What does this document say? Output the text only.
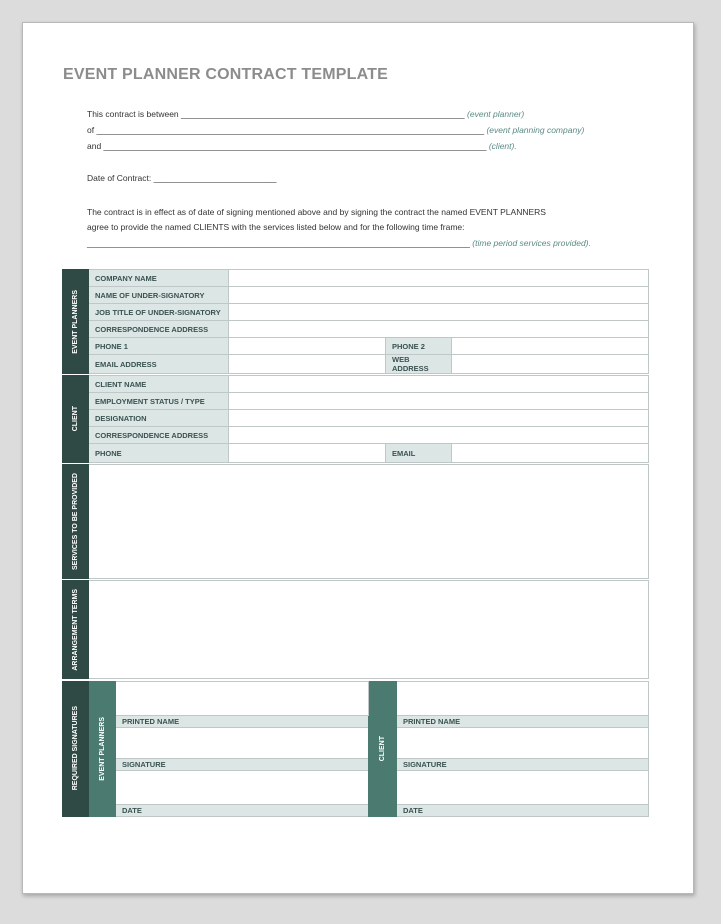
EVENT PLANNER CONTRACT TEMPLATE
This contract is between ____________________________________________________________ (event planner)
of __________________________________________________________________________________ (event planning company)
and _________________________________________________________________________________ (client).
Date of Contract: __________________________
The contract is in effect as of date of signing mentioned above and by signing the contract the named EVENT PLANNERS
agree to provide the named CLIENTS with the services listed below and for the following time frame:
_________________________________________________________________________________ (time period services provided).
EVENT PLANNERS	COMPANY NAME			
	NAME OF UNDER-SIGNATORY			
	JOB TITLE OF UNDER-SIGNATORY			
	CORRESPONDENCE ADDRESS			
	PHONE 1		PHONE 2	
	EMAIL ADDRESS		WEB ADDRESS	

CLIENT	CLIENT NAME			
	EMPLOYMENT STATUS / TYPE			
	DESIGNATION			
	CORRESPONDENCE ADDRESS			
	PHONE		EMAIL	

SERVICES TO BE PROVIDED				

ARRANGEMENT TERMS				

REQUIRED SIGNATURES	EVENT PLANNERS		CLIENT	

		PRINTED NAME		PRINTED NAME

		SIGNATURE		SIGNATURE

		DATE		DATE
